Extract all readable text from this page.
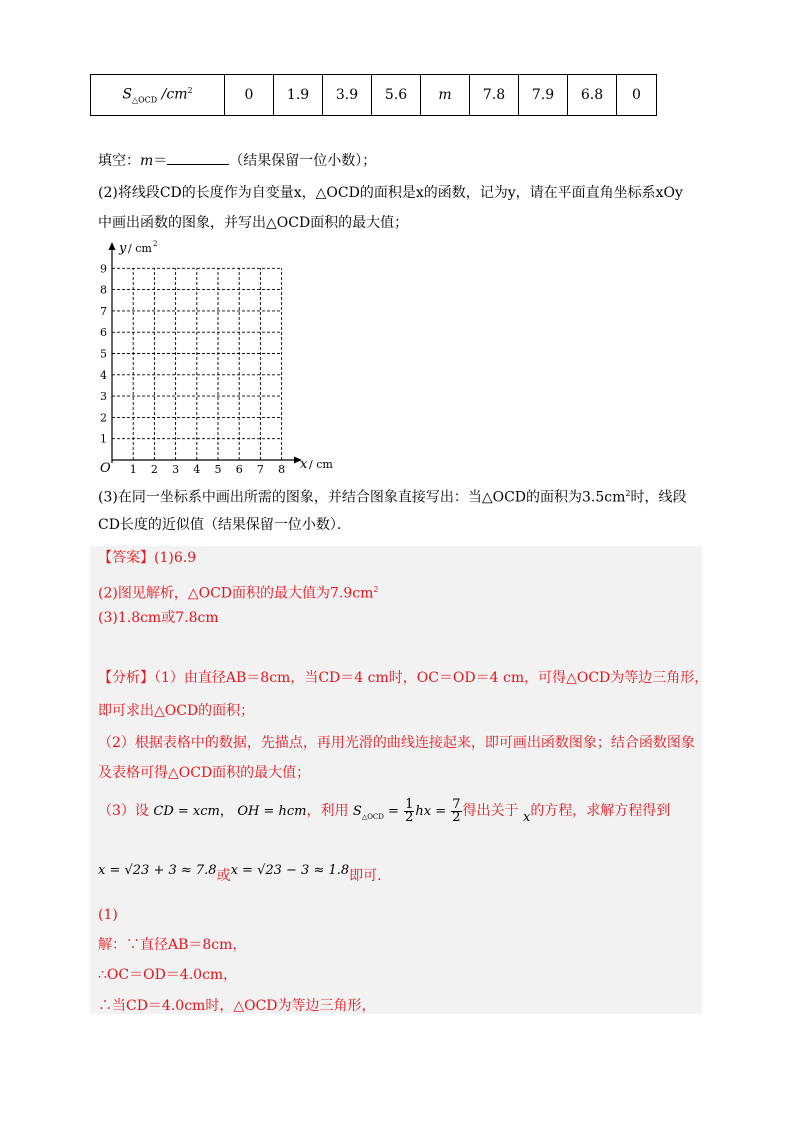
$S_{\triangle OCD}$ $/cm^2$	0	1.9	3.9	5.6	m	7.8	7.9	6.8	0
填空：m＝	（结果保留一位小数）；
(2)将线段CD的长度作为自变量x，△OCD的面积是x的函数，记为y，请在平面直角坐标系xOy
中画出函数的图象，并写出△OCD面积的最大值；
1 2 3 4 5 6 7 8
1
2
3
4
5
6
7
8
9
O
y / cm 2
x / cm
(3)在同一坐标系中画出所需的图象，并结合图象直接写出：当△OCD的面积为$3.5cm^2$时，线段
CD长度的近似值（结果保留一位小数）．
【答案】(1)6.9
(2)图见解析，△OCD面积的最大值为$7.9cm^2$
(3)1.8cm或7.8cm
【分析】（1）由直径AB＝8cm，当CD＝4 cm时，OC＝OD＝4 cm，可得△OCD为等边三角形，
即可求出△OCD的面积；
（2）根据表格中的数据，先描点，再用光滑的曲线连接起来，即可画出函数图象；结合函数图象
及表格可得△OCD面积的最大值；
（3）设 CD = xcm， OH = hcm，利用 $S_{\triangle OCD} = \frac{1}{2}$ hx = $\frac{7}{2}$ 得出关于 x的方程，求解方程得到
x = √23 + 3 ≈ 7.8或x = √23 − 3 ≈ 1.8即可.
(1)
解：∵直径AB＝8cm，
∴OC＝OD＝4.0cm，
∴当CD＝4.0cm时，△OCD为等边三角形，
